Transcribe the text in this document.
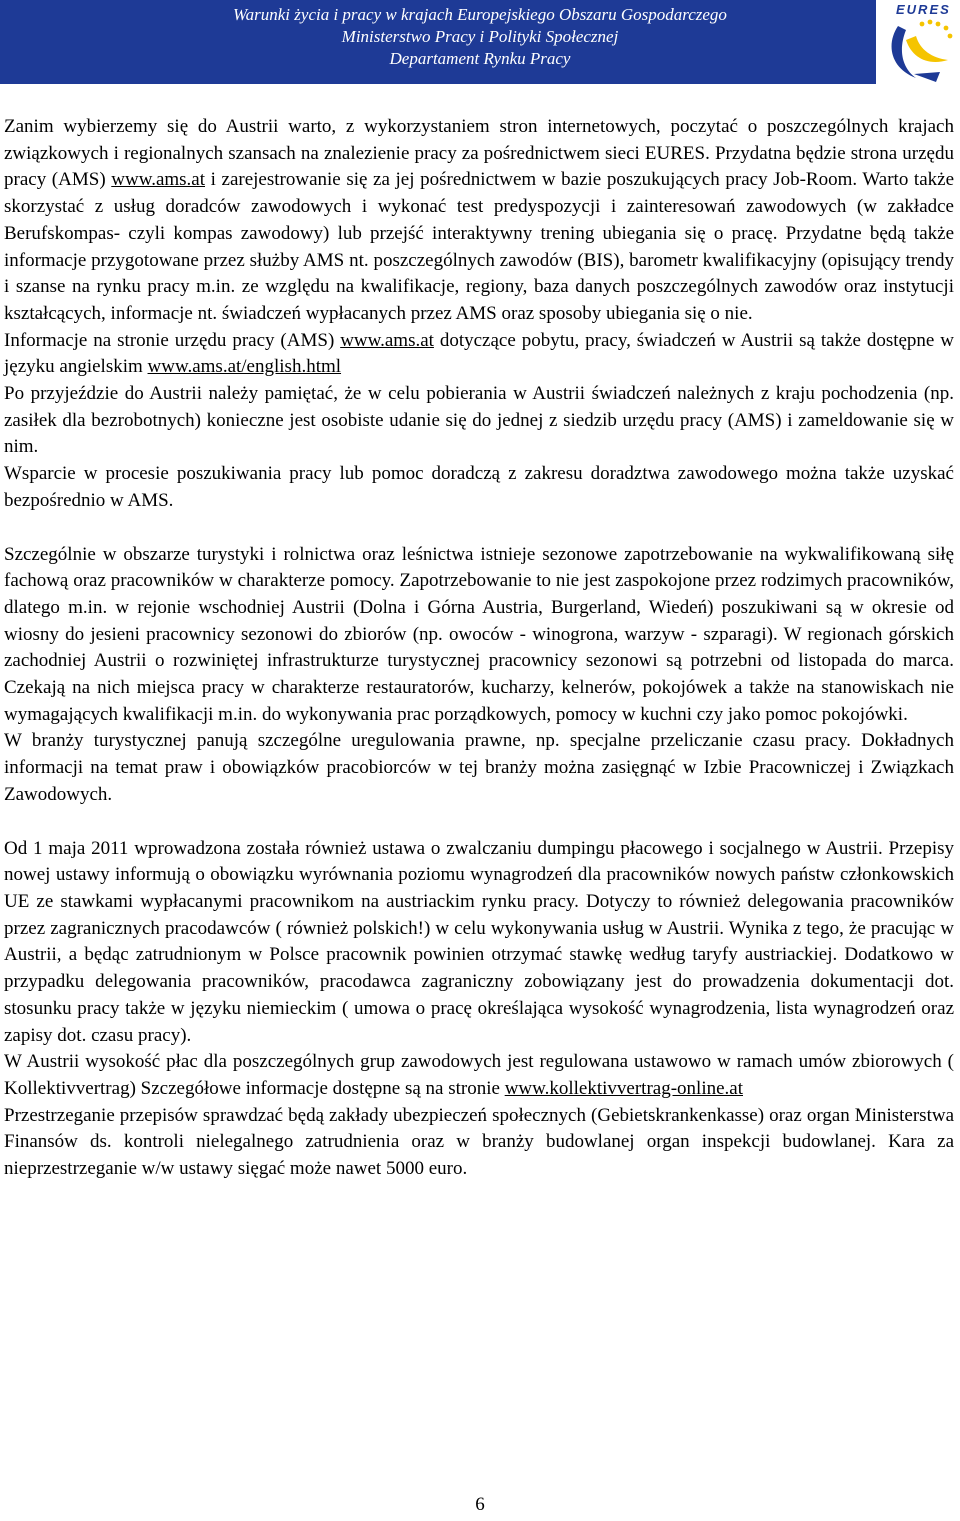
Warunki życia i pracy w krajach Europejskiego Obszaru Gospodarczego
Ministerstwo Pracy i Polityki Społecznej
Departament Rynku Pracy
EURES

Zanim wybierzemy się do Austrii warto, z wykorzystaniem stron internetowych, poczytać o poszczególnych krajach związkowych i regionalnych szansach na znalezienie pracy za pośrednictwem sieci EURES. Przydatna będzie strona urzędu pracy (AMS) www.ams.at i zarejestrowanie się za jej pośrednictwem w bazie poszukujących pracy Job-Room. Warto także skorzystać z usług doradców zawodowych i wykonać test predyspozycji i zainteresowań zawodowych (w zakładce Berufskompas- czyli kompas zawodowy) lub przejść interaktywny trening ubiegania się o pracę. Przydatne będą także informacje przygotowane przez służby AMS nt. poszczególnych zawodów (BIS), barometr kwalifikacyjny (opisujący trendy i szanse na rynku pracy m.in. ze względu na kwalifikacje, regiony, baza danych poszczególnych zawodów oraz instytucji kształcących, informacje nt. świadczeń wypłacanych przez AMS oraz sposoby ubiegania się o nie.

Informacje na stronie urzędu pracy (AMS) www.ams.at dotyczące pobytu, pracy, świadczeń w Austrii są także dostępne w języku angielskim www.ams.at/english.html

Po przyjeździe do Austrii należy pamiętać, że w celu pobierania w Austrii świadczeń należnych z kraju pochodzenia (np. zasiłek dla bezrobotnych) konieczne jest osobiste udanie się do jednej z siedzib urzędu pracy (AMS) i zameldowanie się w nim.

Wsparcie w procesie poszukiwania pracy lub pomoc doradczą z zakresu doradztwa zawodowego można także uzyskać bezpośrednio w AMS.

Szczególnie w obszarze turystyki i rolnictwa oraz leśnictwa istnieje sezonowe zapotrzebowanie na wykwalifikowaną siłę fachową oraz pracowników w charakterze pomocy. Zapotrzebowanie to nie jest zaspokojone przez rodzimych pracowników, dlatego m.in. w rejonie wschodniej Austrii (Dolna i Górna Austria, Burgerland, Wiedeń) poszukiwani są w okresie od wiosny do jesieni pracownicy sezonowi do zbiorów (np. owoców - winogrona, warzyw - szparagi). W regionach górskich zachodniej Austrii o rozwiniętej infrastrukturze turystycznej pracownicy sezonowi są potrzebni od listopada do marca. Czekają na nich miejsca pracy w charakterze restauratorów, kucharzy, kelnerów, pokojówek a także na stanowiskach nie wymagających kwalifikacji m.in. do wykonywania prac porządkowych, pomocy w kuchni czy jako pomoc pokojówki.

W branży turystycznej panują szczególne uregulowania prawne, np. specjalne przeliczanie czasu pracy. Dokładnych informacji na temat praw i obowiązków pracobiorców w tej branży można zasięgnąć w Izbie Pracowniczej i Związkach Zawodowych.

Od 1 maja 2011 wprowadzona została również ustawa o zwalczaniu dumpingu płacowego i socjalnego w Austrii. Przepisy nowej ustawy informują o obowiązku wyrównania poziomu wynagrodzeń dla pracowników nowych państw członkowskich UE ze stawkami wypłacanymi pracownikom na austriackim rynku pracy. Dotyczy to również delegowania pracowników przez zagranicznych pracodawców ( również polskich!) w celu wykonywania usług w Austrii. Wynika z tego, że pracując w Austrii, a będąc zatrudnionym w Polsce pracownik powinien otrzymać stawkę według taryfy austriackiej. Dodatkowo w przypadku delegowania pracowników, pracodawca zagraniczny zobowiązany jest do prowadzenia dokumentacji dot. stosunku pracy także w języku niemieckim ( umowa o pracę określająca wysokość wynagrodzenia, lista wynagrodzeń oraz zapisy dot. czasu pracy).

W Austrii wysokość płac dla poszczególnych grup zawodowych jest regulowana ustawowo w ramach umów zbiorowych ( Kollektivvertrag) Szczegółowe informacje dostępne są na stronie www.kollektivvertrag-online.at

Przestrzeganie przepisów sprawdzać będą zakłady ubezpieczeń społecznych (Gebietskrankenkasse) oraz organ Ministerstwa Finansów ds. kontroli nielegalnego zatrudnienia oraz w branży budowlanej organ inspekcji budowlanej. Kara za nieprzestrzeganie w/w ustawy sięgać może nawet 5000 euro.

6
